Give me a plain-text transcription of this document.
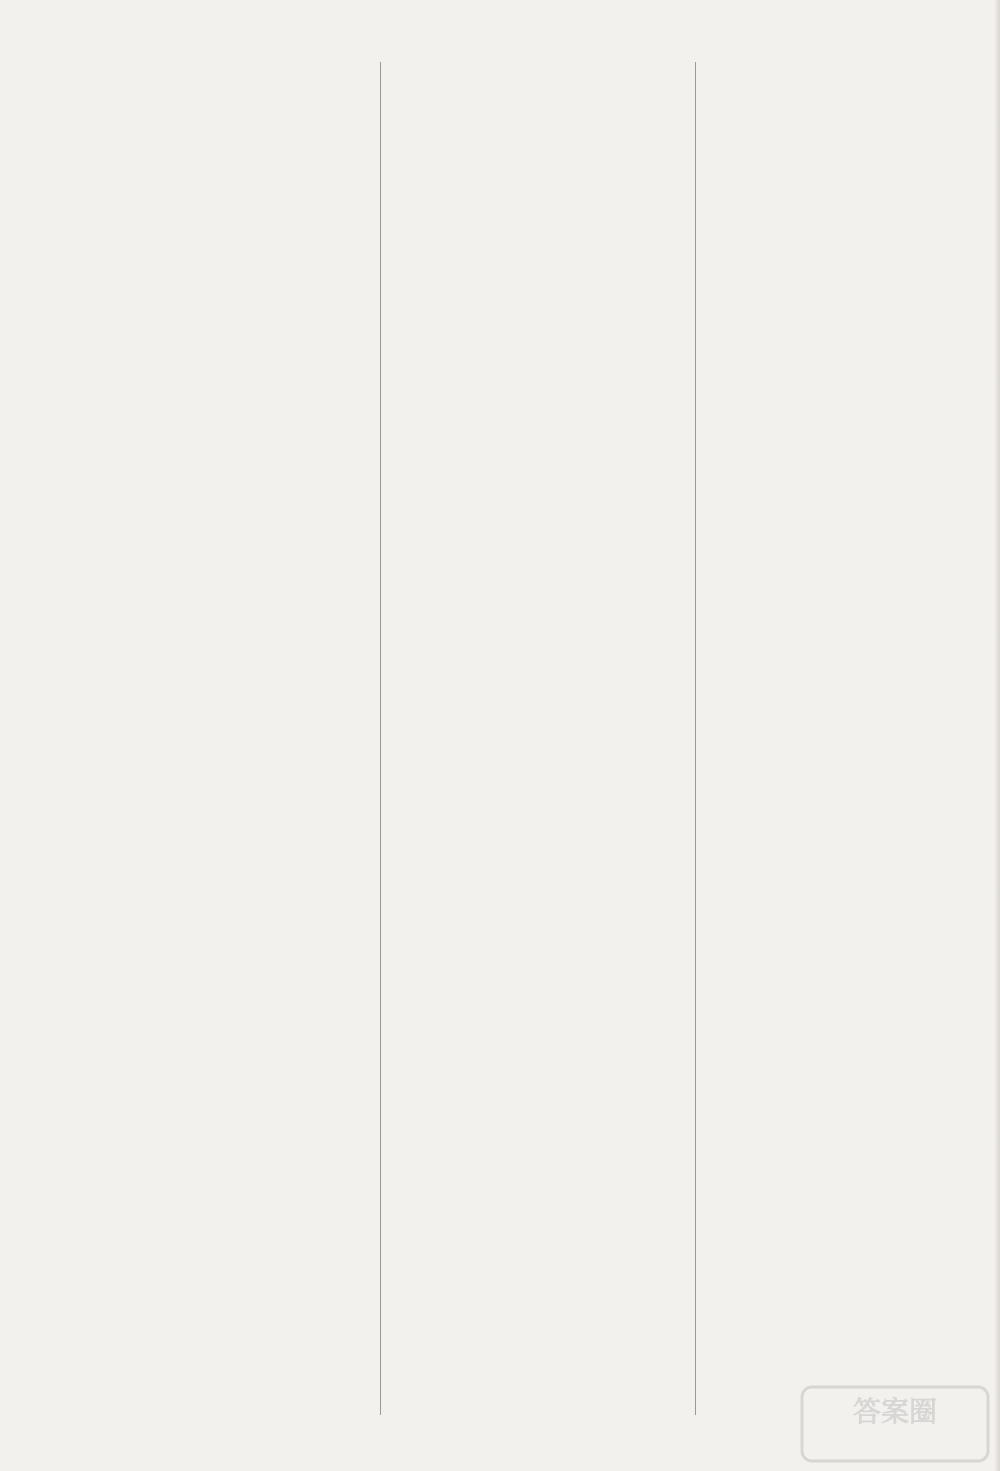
答案圈
